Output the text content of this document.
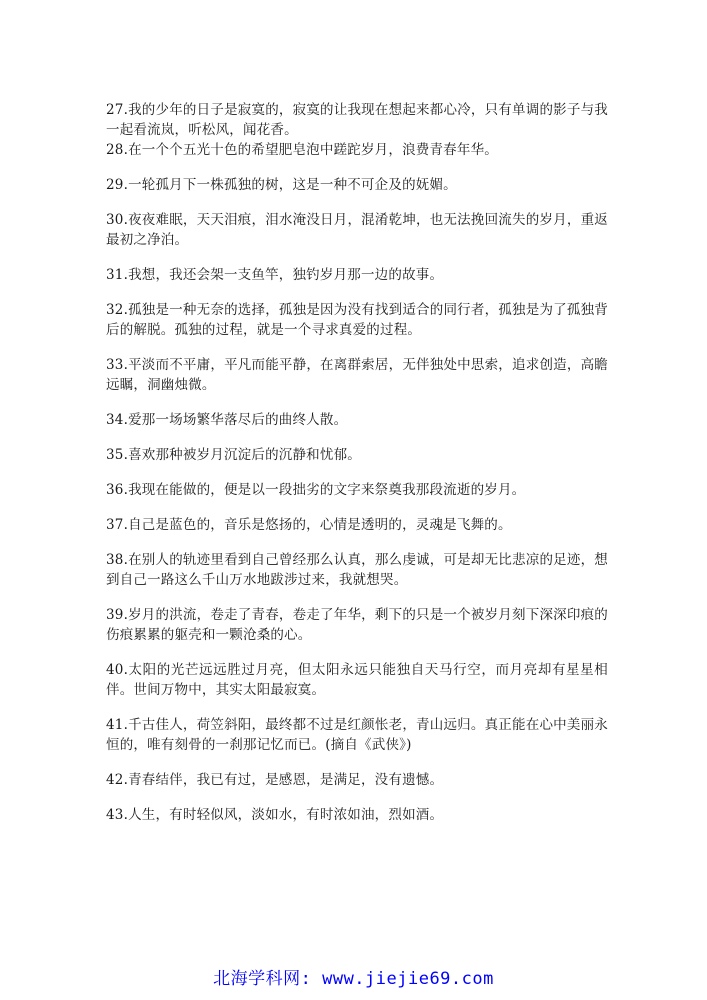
27.我的少年的日子是寂寞的，寂寞的让我现在想起来都心冷，只有单调的影子与我一起看流岚，听松风，闻花香。

28.在一个个五光十色的希望肥皂泡中蹉跎岁月，浪费青春年华。

29.一轮孤月下一株孤独的树，这是一种不可企及的妩媚。

30.夜夜难眠，天天泪痕，泪水淹没日月，混淆乾坤，也无法挽回流失的岁月，重返最初之净泊。

31.我想，我还会架一支鱼竿，独钓岁月那一边的故事。

32.孤独是一种无奈的选择，孤独是因为没有找到适合的同行者，孤独是为了孤独背后的解脱。孤独的过程，就是一个寻求真爱的过程。

33.平淡而不平庸，平凡而能平静，在离群索居，无伴独处中思索，追求创造，高瞻远瞩，洞幽烛微。

34.爱那一场场繁华落尽后的曲终人散。

35.喜欢那种被岁月沉淀后的沉静和忧郁。

36.我现在能做的，便是以一段拙劣的文字来祭奠我那段流逝的岁月。

37.自己是蓝色的，音乐是悠扬的，心情是透明的，灵魂是飞舞的。

38.在别人的轨迹里看到自己曾经那么认真，那么虔诚，可是却无比悲凉的足迹，想到自己一路这么千山万水地跋涉过来，我就想哭。

39.岁月的洪流，卷走了青春，卷走了年华，剩下的只是一个被岁月刻下深深印痕的伤痕累累的躯壳和一颗沧桑的心。

40.太阳的光芒远远胜过月亮，但太阳永远只能独自天马行空，而月亮却有星星相伴。世间万物中，其实太阳最寂寞。

41.千古佳人，荷笠斜阳，最终都不过是红颜怅老，青山远归。真正能在心中美丽永恒的，唯有刻骨的一刹那记忆而已。(摘自《武侠》)

42.青春结伴，我已有过，是感恩，是满足，没有遗憾。

43.人生，有时轻似风，淡如水，有时浓如油，烈如酒。

北海学科网: www.jiejie69.com
